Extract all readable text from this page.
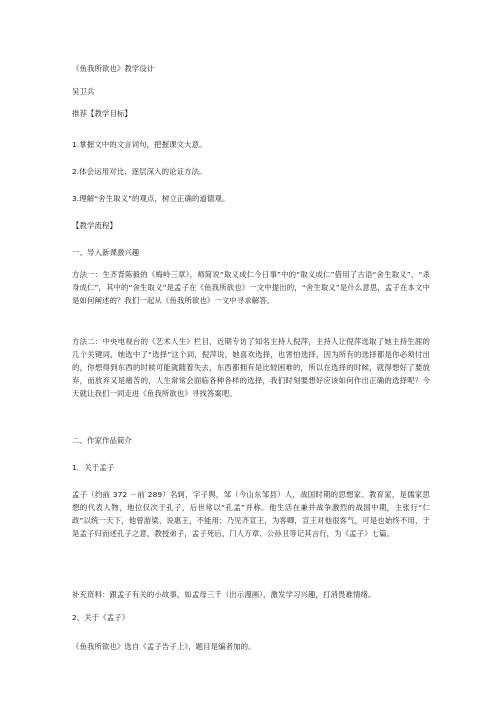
《鱼我所欲也》教学设计

吴卫兵

推荐【教学目标】

1.掌握文中的文言词句，把握课文大意。

2.体会运用对比、逐层深入的论证方法。

3.理解“舍生取义”的观点，树立正确的道德观。

【教学流程】

一、导入新课激兴趣

方法一：生齐背陈毅的《梅岭三章》，师简说“取义成仁今日事”中的“取义成仁”借用了古语“舍生取义”、“杀身成仁”，其中的“舍生取义”是孟子在《鱼我所欲也》一文中提出的，“舍生取义”是什么意思，孟子在本文中是如何阐述的？我们一起从《鱼我所欲也》一文中寻求解答。

方法二：中央电视台的《艺术人生》栏目，近期专访了知名主持人倪萍，主持人让倪萍选取了她主持生涯的几个关键词，她选中了“选择”这个词，倪萍说，她喜欢选择，也害怕选择，因为所有的选择都是你必须付出的，你想得到东西的时候可能就随着失去，东西都拥有是比较困难的，所以在选择的时候，就得想好了要放弃，而放弃又是痛苦的，人生常常会面临各种各样的选择，我们时刻要想好应该如何作出正确的选择呢？今天就让我们一同走进《鱼我所欲也》寻找答案吧。

二、作家作品简介

1．关于孟子

孟子（约前 372 －前 289）名轲，字子舆，邹（今山东邹县）人，战国时期的思想家、教育家，是儒家思想的代表人物，地位仅次于孔子，后世常以“孔孟”并称。他生活在兼并战争激烈的战国中期，主张行“仁政”以统一天下，他曾游梁、说惠王，不能用；乃见齐宣王，为客卿，宣王对他很客气，可是也始终不用，于是孟子归而述孔子之意，教授弟子，孟子死后，门人万章、公孙丑等记其言行，为《孟子》七篇。

补充资料：跟孟子有关的小故事，如孟母三千（出示漫画），激发学习兴趣，打消畏难情绪。

2、关于《孟子》

《鱼我所欲也》选自《孟子告子上》，题目是编者加的。
